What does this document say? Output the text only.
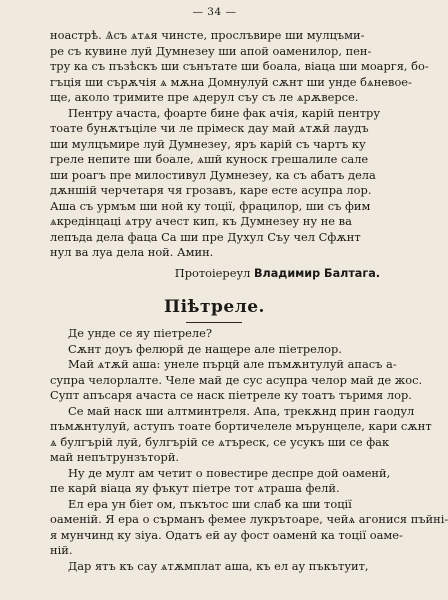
— 34 —
ноастрѣ. Ѧсъ ѧтѧя чинсте, прослъвире ши мулцъми-
ре съ кувине луй Думнезеу ши апой оаменилор, пен-
тру ка съ пъзѣскъ ши сънътате ши боала, віаца ши моаргя, бо-
гъція ши сърѫчія ѧ мѫна Домнулуй сѫнт ши унде бѧневое-
ще, аколо тримите пре ѧдерул съу съ ле ѧрѫверсе.
Пентру ачаста, фоарте бине фак ачія, карій пентру
тоате бунѫтъціле чи ле прімеск дау май ѧтѫй лаудъ
ши мулцъмире луй Думнезеу, яръ карій съ чартъ ку
греле непите ши боале, ѧшй куноск грешалиле сале
ши роагъ пре милостивул Думнезеу, ка съ абатъ дела
дѫншій черчетаря чя грозавъ, каре есте асупра лор.
Аша съ урмъм ши ной ку тоції, фрацилор, ши съ фим
ѧкредінцаці ѧтру ачест кип, къ Думнезеу ну не ва
лепъда дела фаца Са ши пре Духул Съу чел Сфѫнт
нул ва луа дела ной. Амин.
Протоіереул Владимир Балтага.
Піѣтреле.
Де унде се яу піетреле?
Сѫнт доуъ фелюрй де нащере але піетрелор.
Май ѧтѫй аша: унеле пърцй але пъмѫнтулуй апасъ а-
супра челорлалте. Челе май де сус асупра челор май де жос.
Супт апъсаря ачаста се наск піетреле ку тоатъ търимя лор.
Се май наск ши алтминтреля. Апа, трекѫнд прин гаодул
пъмѫнтулуй, аступъ тоате бортичелеле мърунцеле, кари сѫнт
ѧ булгърій луй, булгърій се ѧтъреск, се усукъ ши се фак
май непътрунзъторй.
Ну де мулт ам четит о повестире деспре дой оаменй,
пе карй віаца яу фъкут піетре тот ѧтраша фелй.
Ел ера ун біет ом, пъкътос ши слаб ка ши тоції
оаменій. Я ера о сърманъ фемее лукрътоаре, чейѧ агонися пъйні-
я мунчинд ку зіуа. Одатъ ей ау фост оаменй ка тоції оаме-
ній.
Дар ятъ къ сау ѧтѫмплат аша, къ ел ау пъкътуит,
